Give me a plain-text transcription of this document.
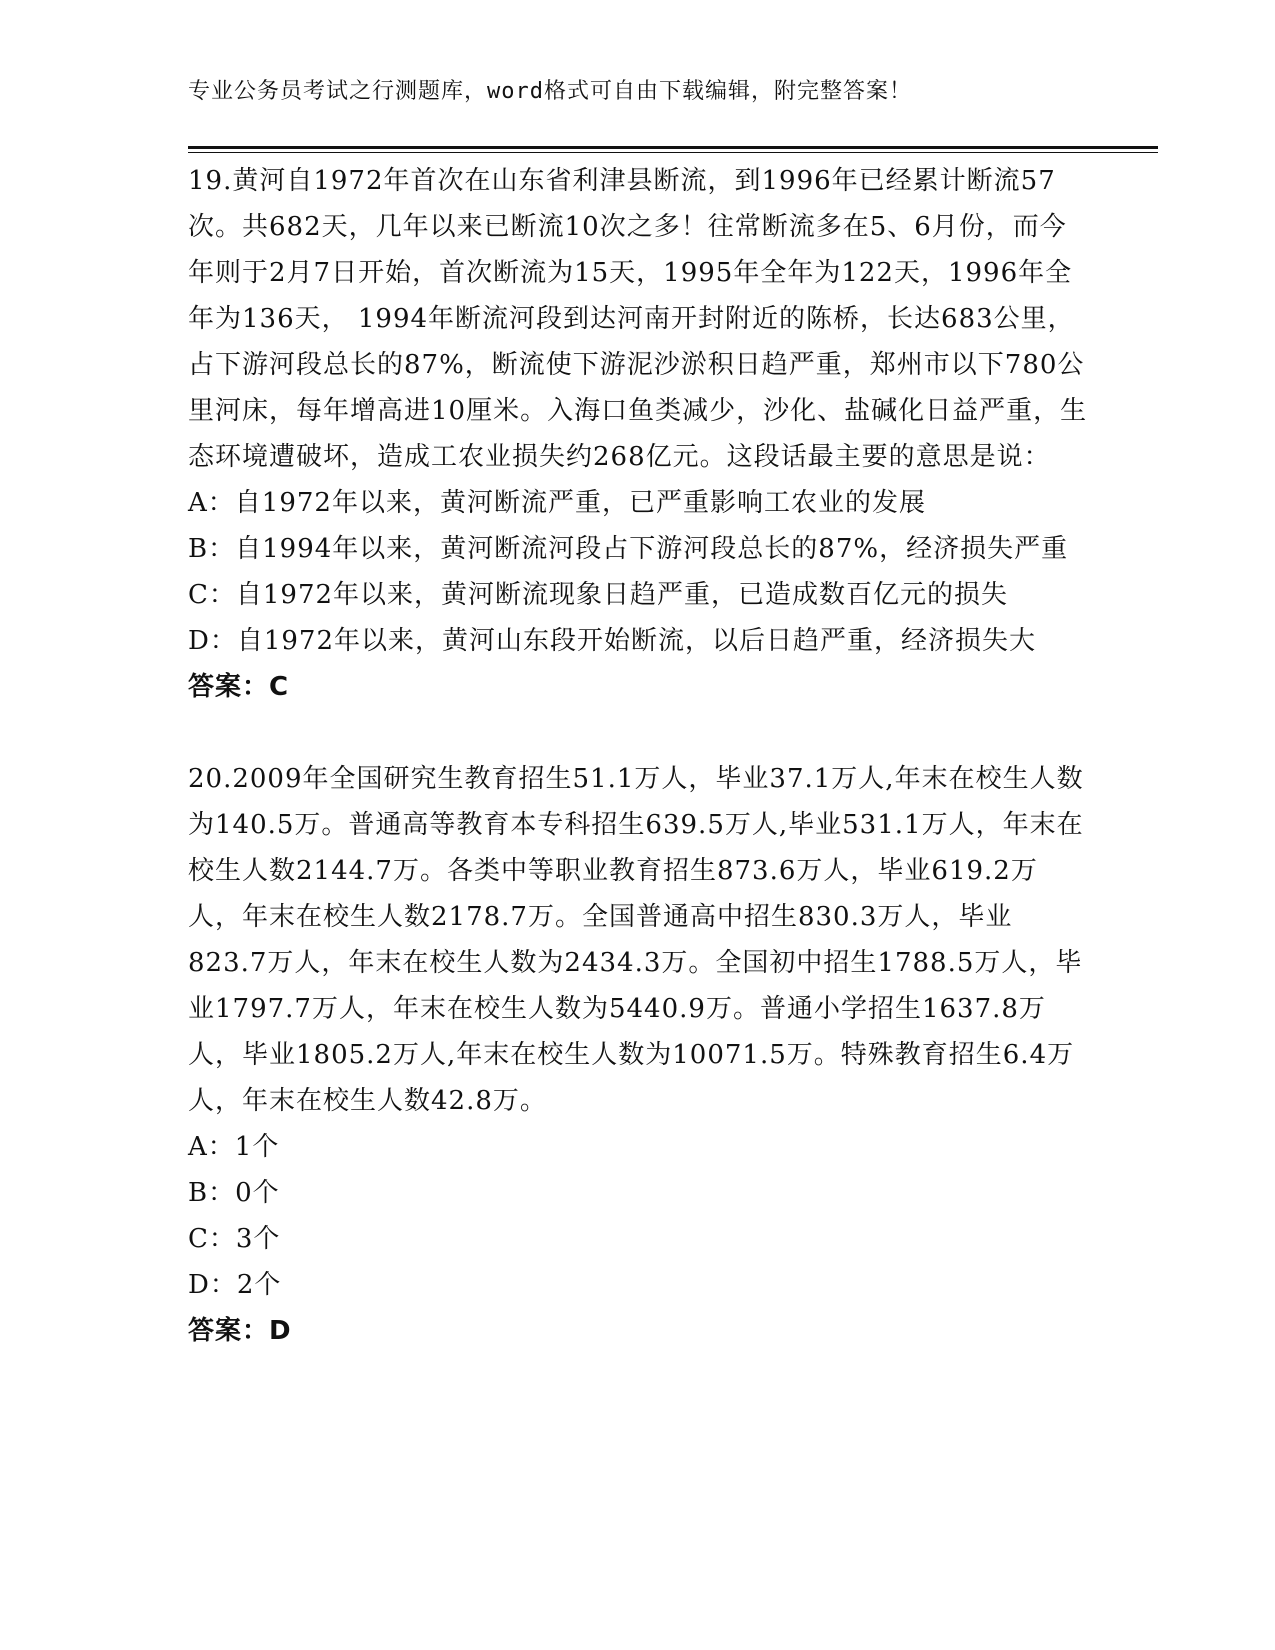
专业公务员考试之行测题库，word格式可自由下载编辑，附完整答案！

19.黄河自1972年首次在山东省利津县断流，到1996年已经累计断流57次。共682天，几年以来已断流10次之多！往常断流多在5、6月份，而今年则于2月7日开始，首次断流为15天，1995年全年为122天，1996年全年为136天， 1994年断流河段到达河南开封附近的陈桥，长达683公里，占下游河段总长的87%，断流使下游泥沙淤积日趋严重，郑州市以下780公里河床，每年增高进10厘米。入海口鱼类减少，沙化、盐碱化日益严重，生态环境遭破坏，造成工农业损失约268亿元。这段话最主要的意思是说：

A：自1972年以来，黄河断流严重，已严重影响工农业的发展

B：自1994年以来，黄河断流河段占下游河段总长的87%，经济损失严重

C：自1972年以来，黄河断流现象日趋严重，已造成数百亿元的损失

D：自1972年以来，黄河山东段开始断流，以后日趋严重，经济损失大

答案：C

20.2009年全国研究生教育招生51.1万人，毕业37.1万人,年末在校生人数为140.5万。普通高等教育本专科招生639.5万人,毕业531.1万人，年末在校生人数2144.7万。各类中等职业教育招生873.6万人，毕业619.2万人，年末在校生人数2178.7万。全国普通高中招生830.3万人，毕业823.7万人，年末在校生人数为2434.3万。全国初中招生1788.5万人，毕业1797.7万人，年末在校生人数为5440.9万。普通小学招生1637.8万人，毕业1805.2万人,年末在校生人数为10071.5万。特殊教育招生6.4万人，年末在校生人数42.8万。

A：1个

B：0个

C：3个

D：2个

答案：D
